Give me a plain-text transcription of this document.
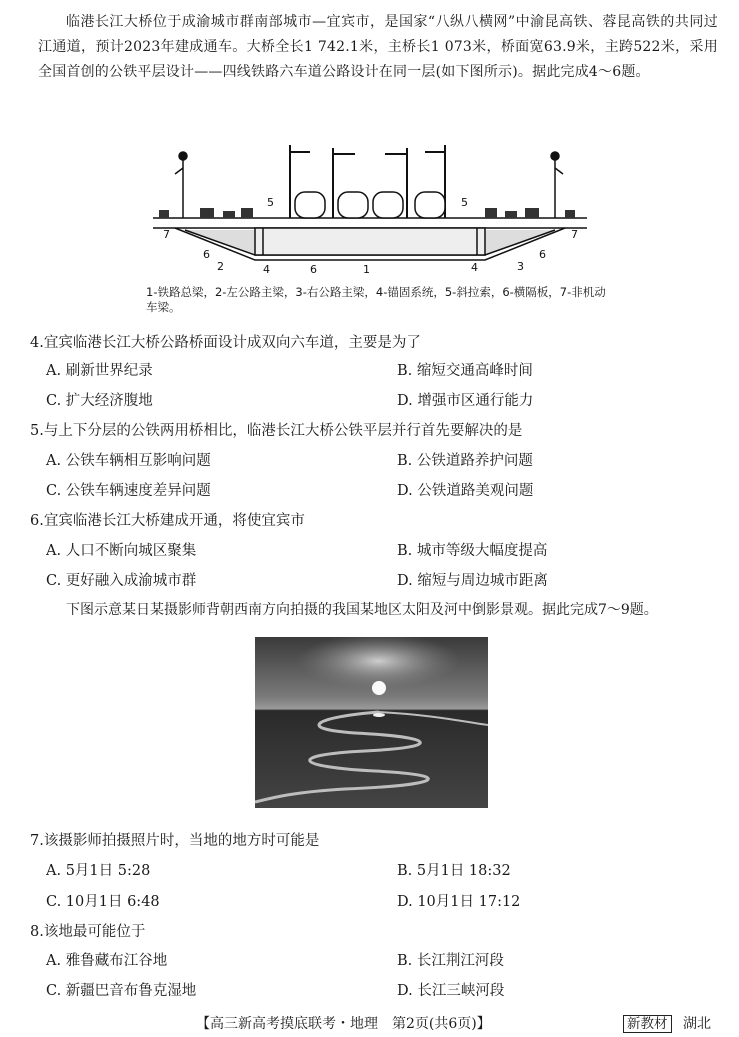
临港长江大桥位于成渝城市群南部城市—宜宾市，是国家“八纵八横网”中渝昆高铁、蓉昆高铁的共同过江通道，预计2023年建成通车。大桥全长1 742.1米，主桥长1 073米，桥面宽63.9米，主跨522米，采用全国首创的公铁平层设计——四线铁路六车道公路设计在同一层(如下图所示)。据此完成4～6题。
7
6
2	4	6	1	4	3
6
7
5	5
1-铁路总梁，2-左公路主梁，3-右公路主梁，4-锚固系统，5-斜拉索，6-横隔板，7-非机动车梁。
4.宜宾临港长江大桥公路桥面设计成双向六车道，主要是为了
A. 刷新世界纪录	B. 缩短交通高峰时间
C. 扩大经济腹地	D. 增强市区通行能力
5.与上下分层的公铁两用桥相比，临港长江大桥公铁平层并行首先要解决的是
A. 公铁车辆相互影响问题	B. 公铁道路养护问题
C. 公铁车辆速度差异问题	D. 公铁道路美观问题
6.宜宾临港长江大桥建成开通，将使宜宾市
A. 人口不断向城区聚集	B. 城市等级大幅度提高
C. 更好融入成渝城市群	D. 缩短与周边城市距离
下图示意某日某摄影师背朝西南方向拍摄的我国某地区太阳及河中倒影景观。据此完成7～9题。
7.该摄影师拍摄照片时，当地的地方时可能是
A. 5月1日 5:28	B. 5月1日 18:32
C. 10月1日 6:48	D. 10月1日 17:12
8.该地最可能位于
A. 雅鲁藏布江谷地	B. 长江荆江河段
C. 新疆巴音布鲁克湿地	D. 长江三峡河段
【高三新高考摸底联考・地理　第2页(共6页)】	新教材 湖北
